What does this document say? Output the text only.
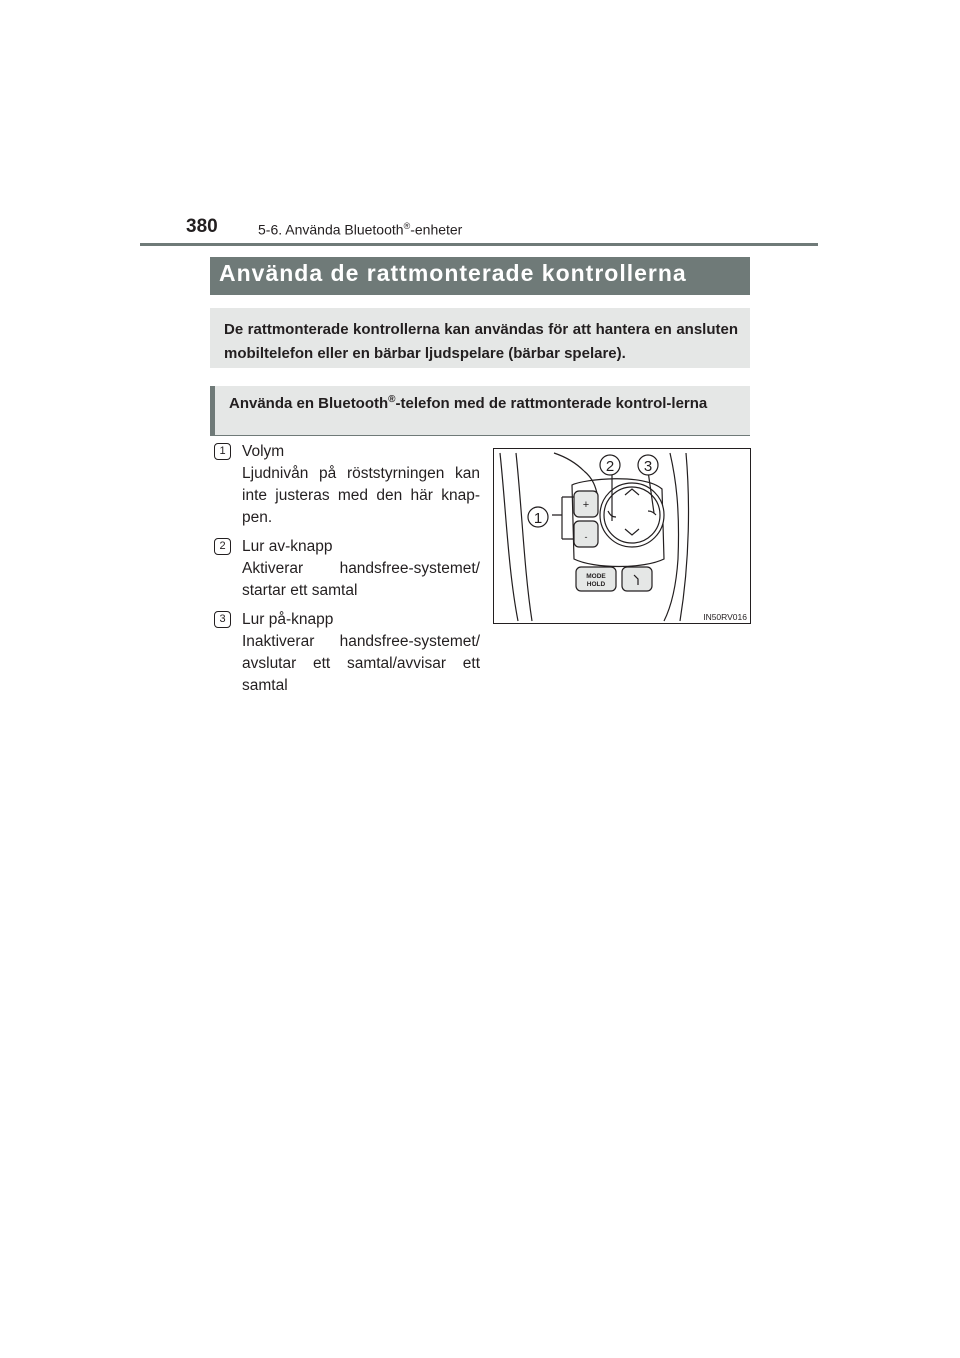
380	5-6. Använda Bluetooth®-enheter
Använda de rattmonterade kontrollerna
De rattmonterade kontrollerna kan användas för att hantera en ansluten mobiltelefon eller en bärbar ljudspelare (bärbar spelare).
Använda en Bluetooth®-telefon med de rattmonterade kontrol-lerna
1	Volym
Ljudnivån på röststyrningen kan inte justeras med den här knap-pen.
2	Lur av-knapp
Aktiverar handsfree-systemet/ startar ett samtal
3	Lur på-knapp
Inaktiverar handsfree-systemet/ avslutar ett samtal/avvisar ett samtal
+
-
1
2 3
MODE
HOLD
IN50RV016
